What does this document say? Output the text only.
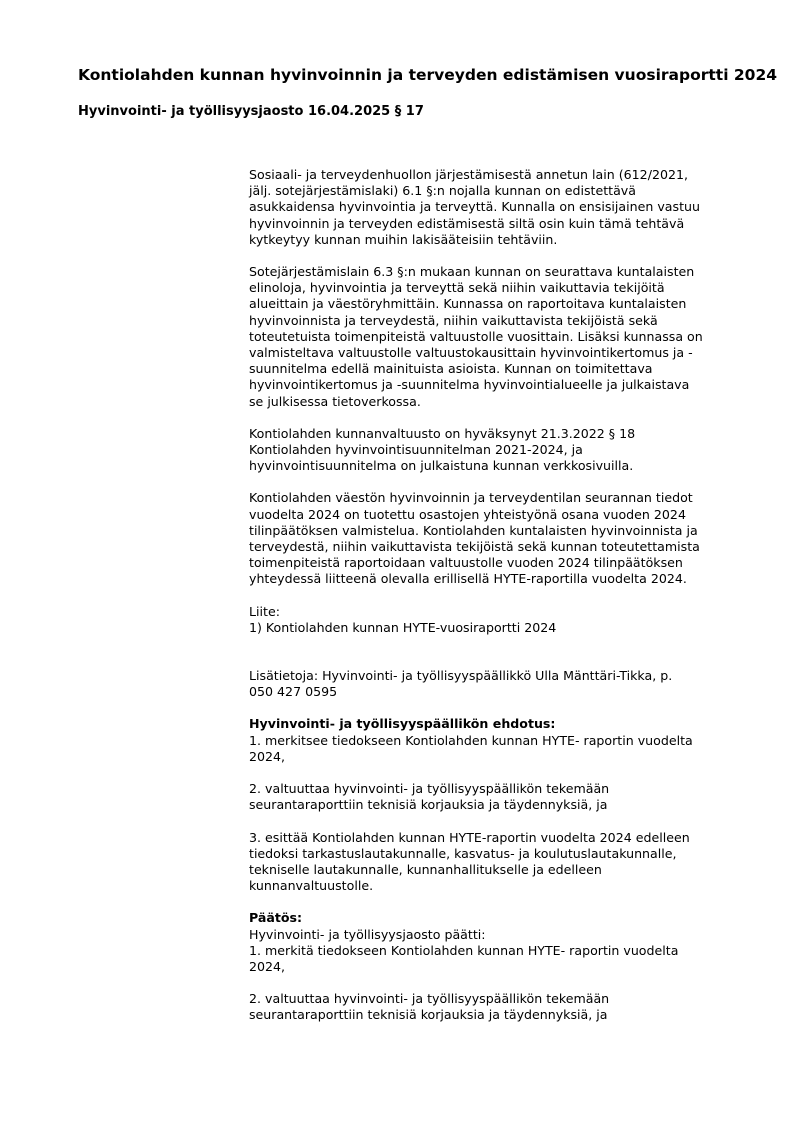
Kontiolahden kunnan hyvinvoinnin ja terveyden edistämisen vuosiraportti 2024
Hyvinvointi- ja työllisyysjaosto 16.04.2025 § 17
Sosiaali- ja terveydenhuollon järjestämisestä annetun lain (612/2021,
jälj. sotejärjestämislaki) 6.1 §:n nojalla kunnan on edistettävä
asukkaidensa hyvinvointia ja terveyttä. Kunnalla on ensisijainen vastuu
hyvinvoinnin ja terveyden edistämisestä siltä osin kuin tämä tehtävä
kytkeytyy kunnan muihin lakisääteisiin tehtäviin.
Sotejärjestämislain 6.3 §:n mukaan kunnan on seurattava kuntalaisten
elinoloja, hyvinvointia ja terveyttä sekä niihin vaikuttavia tekijöitä
alueittain ja väestöryhmittäin. Kunnassa on raportoitava kuntalaisten
hyvinvoinnista ja terveydestä, niihin vaikuttavista tekijöistä sekä
toteutetuista toimenpiteistä valtuustolle vuosittain. Lisäksi kunnassa on
valmisteltava valtuustolle valtuustokausittain hyvinvointikertomus ja -
suunnitelma edellä mainituista asioista. Kunnan on toimitettava
hyvinvointikertomus ja -suunnitelma hyvinvointialueelle ja julkaistava
se julkisessa tietoverkossa.
Kontiolahden kunnanvaltuusto on hyväksynyt 21.3.2022 § 18
Kontiolahden hyvinvointisuunnitelman 2021-2024, ja
hyvinvointisuunnitelma on julkaistuna kunnan verkkosivuilla.
Kontiolahden väestön hyvinvoinnin ja terveydentilan seurannan tiedot
vuodelta 2024 on tuotettu osastojen yhteistyönä osana vuoden 2024
tilinpäätöksen valmistelua. Kontiolahden kuntalaisten hyvinvoinnista ja
terveydestä, niihin vaikuttavista tekijöistä sekä kunnan toteutettamista
toimenpiteistä raportoidaan valtuustolle vuoden 2024 tilinpäätöksen
yhteydessä liitteenä olevalla erillisellä HYTE-raportilla vuodelta 2024.
Liite:
1) Kontiolahden kunnan HYTE-vuosiraportti 2024
Lisätietoja: Hyvinvointi- ja työllisyyspäällikkö Ulla Mänttäri-Tikka, p.
050 427 0595
Hyvinvointi- ja työllisyyspäällikön ehdotus:
1. merkitsee tiedokseen Kontiolahden kunnan HYTE- raportin vuodelta
2024,
2. valtuuttaa hyvinvointi- ja työllisyyspäällikön tekemään
seurantaraporttiin teknisiä korjauksia ja täydennyksiä, ja
3. esittää Kontiolahden kunnan HYTE-raportin vuodelta 2024 edelleen
tiedoksi tarkastuslautakunnalle, kasvatus- ja koulutuslautakunnalle,
tekniselle lautakunnalle, kunnanhallitukselle ja edelleen
kunnanvaltuustolle.
Päätös:
Hyvinvointi- ja työllisyysjaosto päätti:
1. merkitä tiedokseen Kontiolahden kunnan HYTE- raportin vuodelta
2024,
2. valtuuttaa hyvinvointi- ja työllisyyspäällikön tekemään
seurantaraporttiin teknisiä korjauksia ja täydennyksiä, ja
